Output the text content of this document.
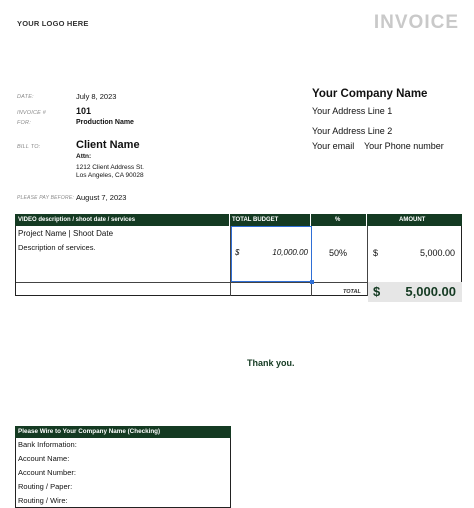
YOUR LOGO HERE	INVOICE
DATE:	July 8, 2023
INVOICE #	101
FOR:	Production Name
BILL TO:	Client Name
Attn:
1212 Client Address St.
Los Angeles, CA 90028
PLEASE PAY BEFORE: August 7, 2023
Your Company Name
Your Address Line 1
Your Address Line 2
Your email Your Phone number
VIDEO description / shoot date / services	TOTAL BUDGET	%	AMOUNT
Project Name | Shoot Date
Description of services.
$	10,000.00 50%	$	5,000.00
TOTAL $ 5,000.00
Thank you.
Please Wire to Your Company Name (Checking)
Bank Information:
Account Name:
Account Number:
Routing / Paper:
Routing / Wire:
